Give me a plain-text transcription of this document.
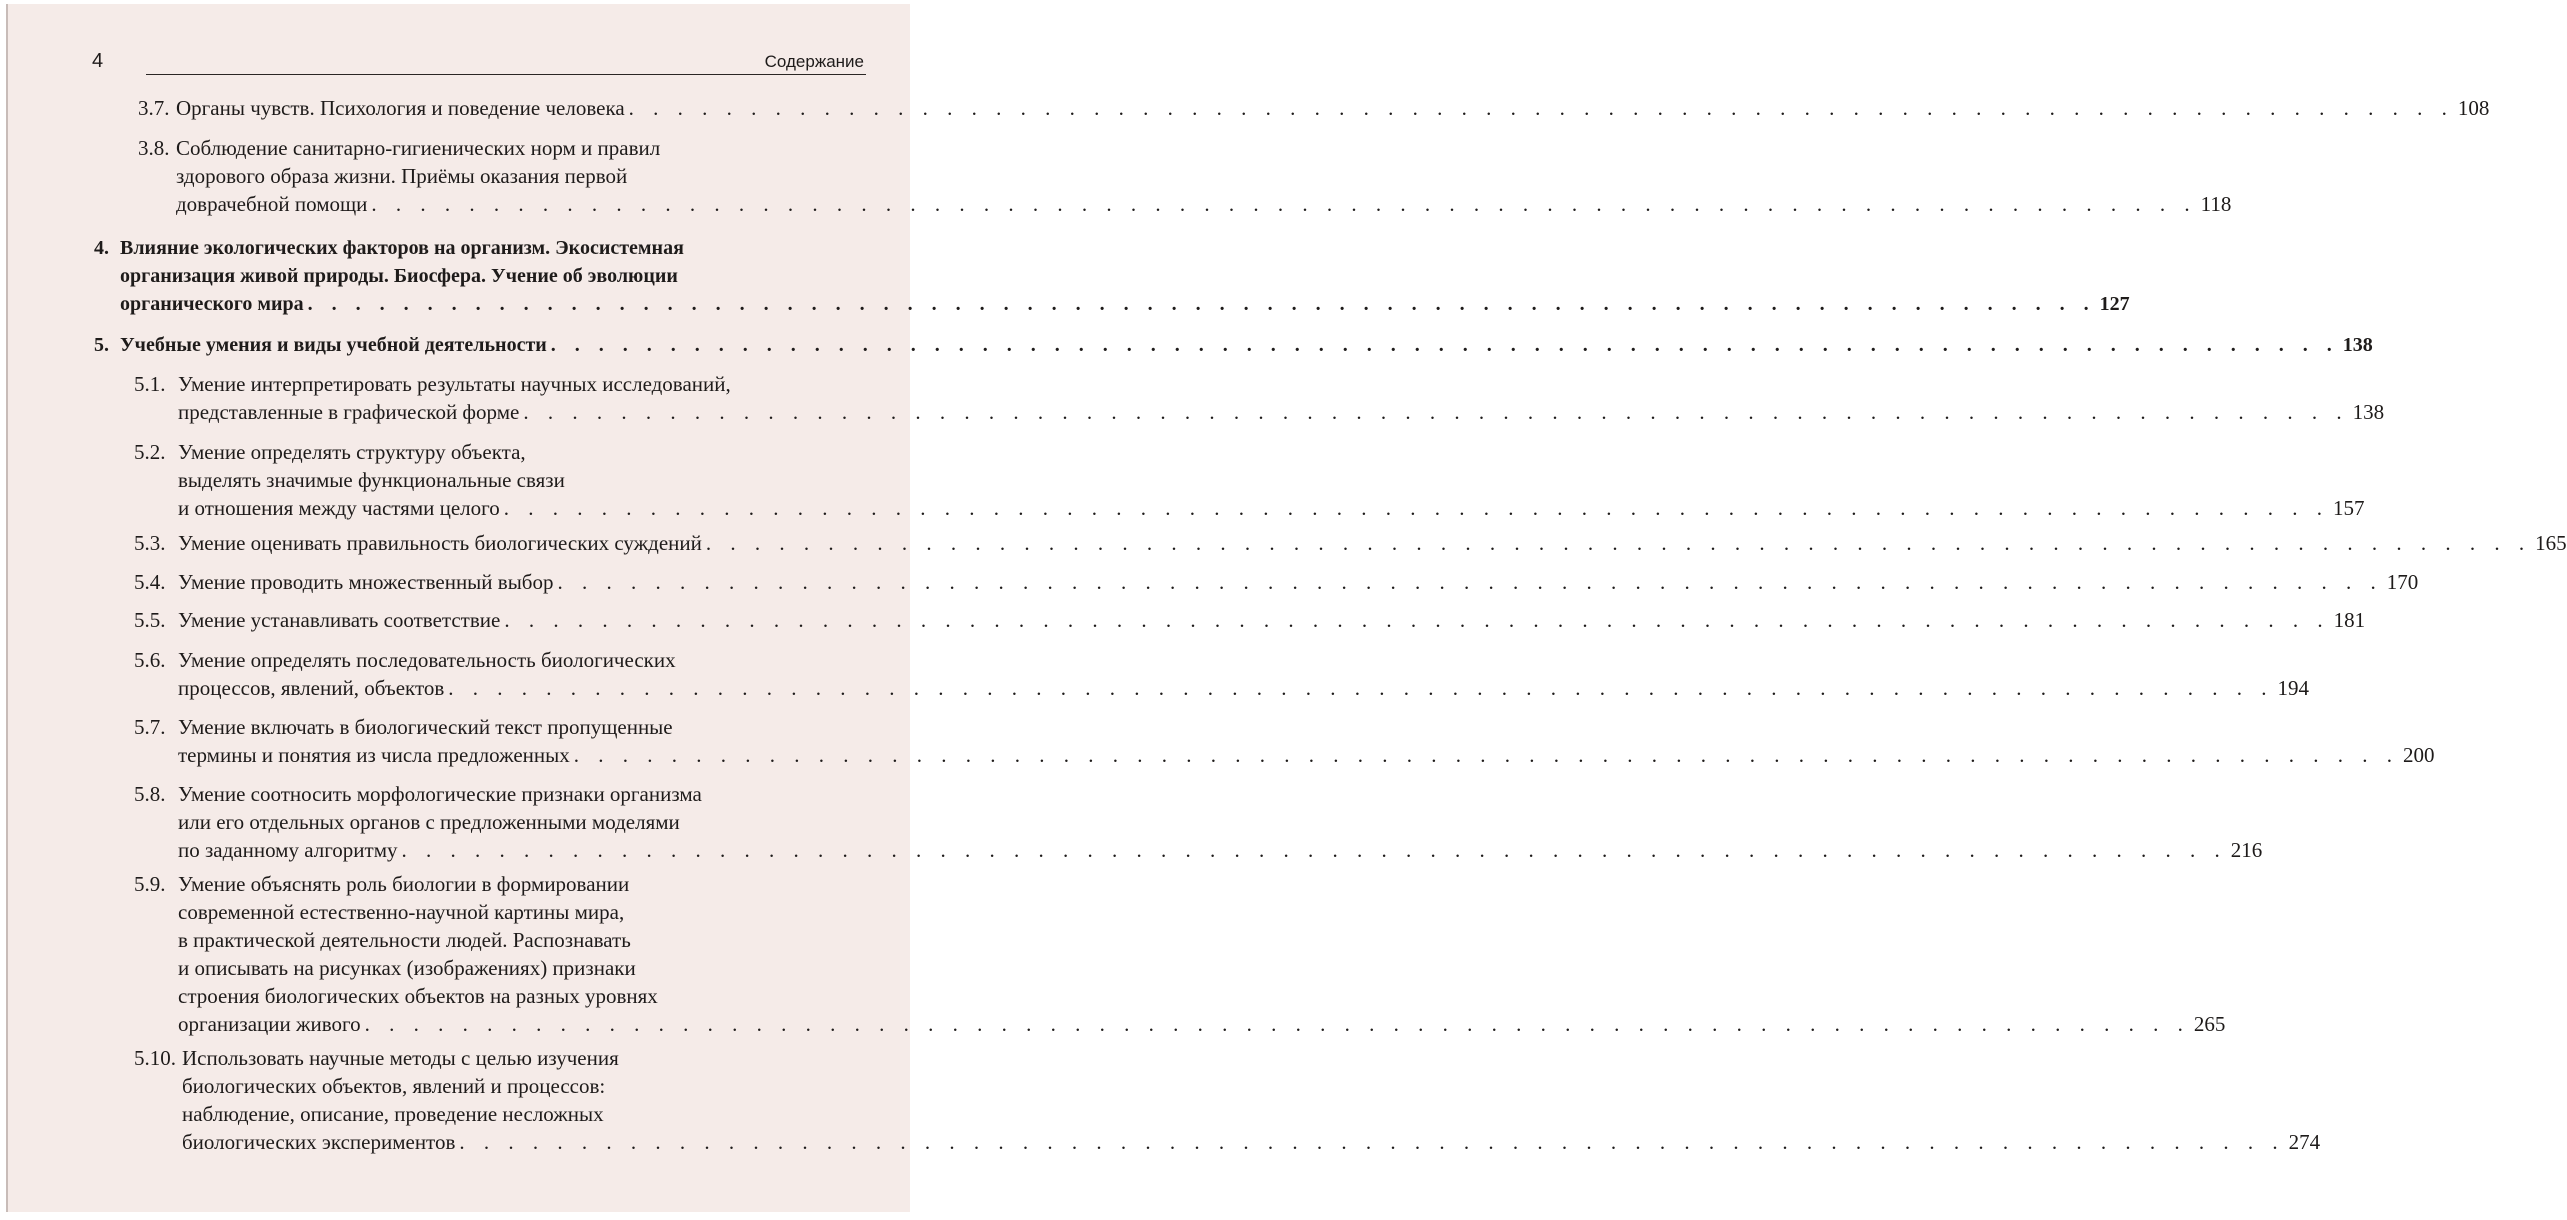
4	Содержание
3.7. Органы чувств. Психология и поведение человека . . . . . . . . . . . . . . . . . . . . . . . . . . . . . . . . . . . . . . . . . . . . . . . . . . . . . . . . . . . . . . . . . . . . . . . . . . . 108
3.8. Соблюдение санитарно-гигиенических норм и правил
здорового образа жизни. Приёмы оказания первой
доврачебной помощи . . . . . . . . . . . . . . . . . . . . . . . . . . . . . . . . . . . . . . . . . . . . . . . . . . . . . . . . . . . . . . . . . . . . . . . . . . . 118
4. Влияние экологических факторов на организм. Экосистемная
организация живой природы. Биосфера. Учение об эволюции
органического мира . . . . . . . . . . . . . . . . . . . . . . . . . . . . . . . . . . . . . . . . . . . . . . . . . . . . . . . . . . . . . . . . . . . . . . . . . . . 127
5. Учебные умения и виды учебной деятельности . . . . . . . . . . . . . . . . . . . . . . . . . . . . . . . . . . . . . . . . . . . . . . . . . . . . . . . . . . . . . . . . . . . . . . . . . . . 138
5.1. Умение интерпретировать результаты научных исследований,
представленные в графической форме . . . . . . . . . . . . . . . . . . . . . . . . . . . . . . . . . . . . . . . . . . . . . . . . . . . . . . . . . . . . . . . . . . . . . . . . . . . 138
5.2. Умение определять структуру объекта,
выделять значимые функциональные связи
и отношения между частями целого . . . . . . . . . . . . . . . . . . . . . . . . . . . . . . . . . . . . . . . . . . . . . . . . . . . . . . . . . . . . . . . . . . . . . . . . . . . 157
5.3. Умение оценивать правильность биологических суждений . . . . . . . . . . . . . . . . . . . . . . . . . . . . . . . . . . . . . . . . . . . . . . . . . . . . . . . . . . . . . . . . . . . . . . . . . . . 165
5.4. Умение проводить множественный выбор . . . . . . . . . . . . . . . . . . . . . . . . . . . . . . . . . . . . . . . . . . . . . . . . . . . . . . . . . . . . . . . . . . . . . . . . . . . 170
5.5. Умение устанавливать соответствие . . . . . . . . . . . . . . . . . . . . . . . . . . . . . . . . . . . . . . . . . . . . . . . . . . . . . . . . . . . . . . . . . . . . . . . . . . . 181
5.6. Умение определять последовательность биологических
процессов, явлений, объектов . . . . . . . . . . . . . . . . . . . . . . . . . . . . . . . . . . . . . . . . . . . . . . . . . . . . . . . . . . . . . . . . . . . . . . . . . . . 194
5.7. Умение включать в биологический текст пропущенные
термины и понятия из числа предложенных . . . . . . . . . . . . . . . . . . . . . . . . . . . . . . . . . . . . . . . . . . . . . . . . . . . . . . . . . . . . . . . . . . . . . . . . . . . 200
5.8. Умение соотносить морфологические признаки организма
или его отдельных органов с предложенными моделями
по заданному алгоритму . . . . . . . . . . . . . . . . . . . . . . . . . . . . . . . . . . . . . . . . . . . . . . . . . . . . . . . . . . . . . . . . . . . . . . . . . . . 216
5.9. Умение объяснять роль биологии в формировании
современной естественно-научной картины мира,
в практической деятельности людей. Распознавать
и описывать на рисунках (изображениях) признаки
строения биологических объектов на разных уровнях
организации живого . . . . . . . . . . . . . . . . . . . . . . . . . . . . . . . . . . . . . . . . . . . . . . . . . . . . . . . . . . . . . . . . . . . . . . . . . . . 265
5.10. Использовать научные методы с целью изучения
биологических объектов, явлений и процессов:
наблюдение, описание, проведение несложных
биологических экспериментов . . . . . . . . . . . . . . . . . . . . . . . . . . . . . . . . . . . . . . . . . . . . . . . . . . . . . . . . . . . . . . . . . . . . . . . . . . . 274
